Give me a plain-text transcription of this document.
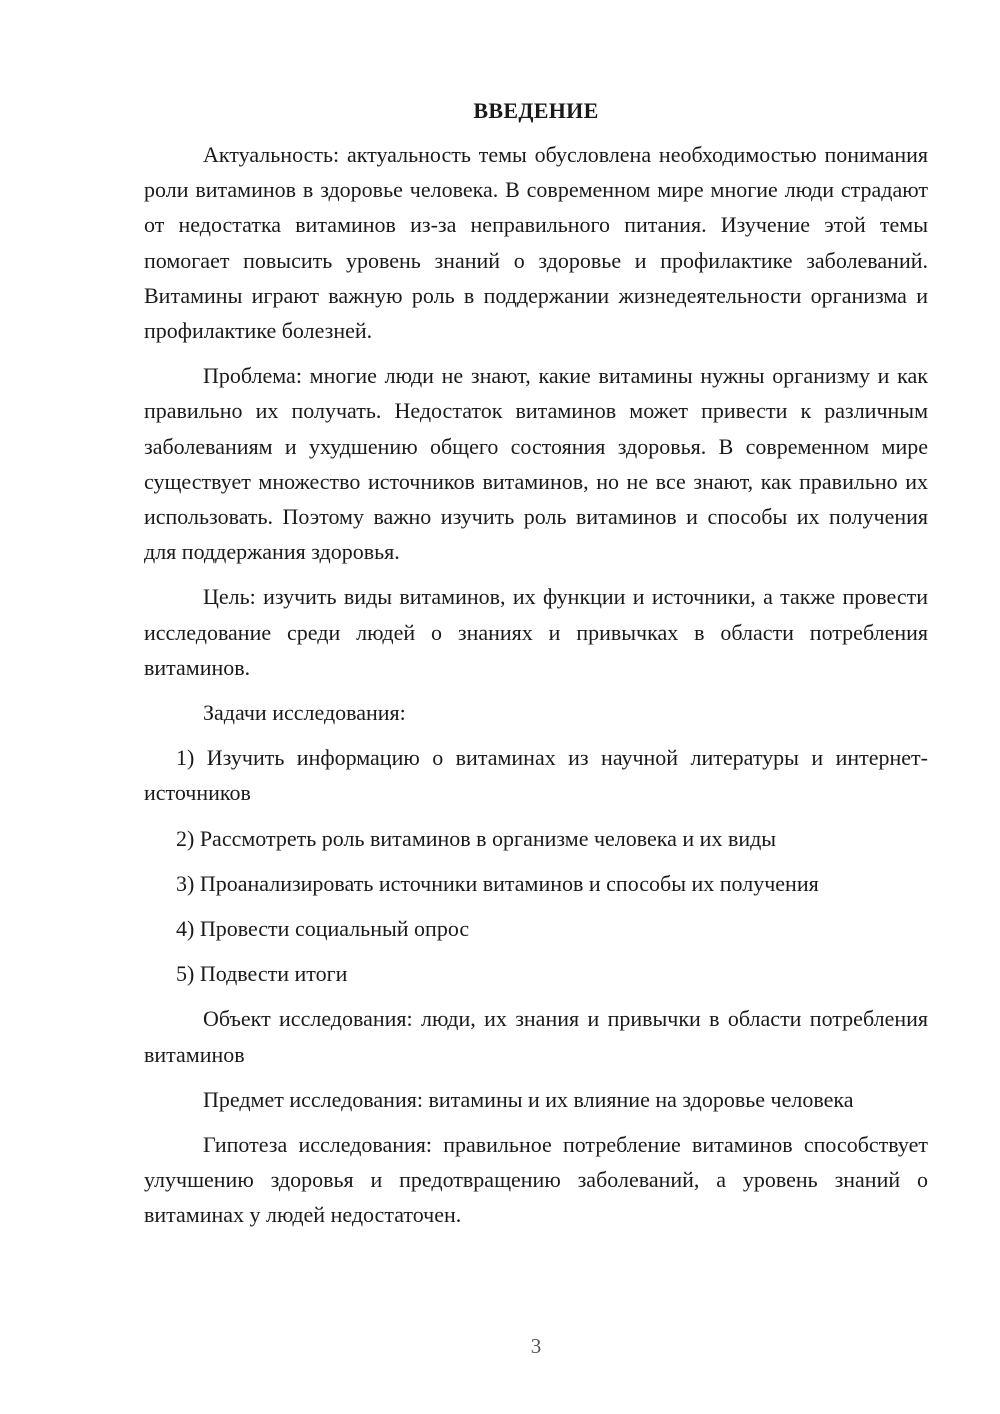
ВВЕДЕНИЕ

Актуальность: актуальность темы обусловлена необходимостью понимания роли витаминов в здоровье человека. В современном мире многие люди страдают от недостатка витаминов из-за неправильного питания. Изучение этой темы помогает повысить уровень знаний о здоровье и профилактике заболеваний. Витамины играют важную роль в поддержании жизнедеятельности организма и профилактике болезней.

Проблема: многие люди не знают, какие витамины нужны организму и как правильно их получать. Недостаток витаминов может привести к различным заболеваниям и ухудшению общего состояния здоровья. В современном мире существует множество источников витаминов, но не все знают, как правильно их использовать. Поэтому важно изучить роль витаминов и способы их получения для поддержания здоровья.

Цель: изучить виды витаминов, их функции и источники, а также провести исследование среди людей о знаниях и привычках в области потребления витаминов.

Задачи исследования:

1) Изучить информацию о витаминах из научной литературы и интернет-источников

2) Рассмотреть роль витаминов в организме человека и их виды

3) Проанализировать источники витаминов и способы их получения

4) Провести социальный опрос

5) Подвести итоги

Объект исследования: люди, их знания и привычки в области потребления витаминов

Предмет исследования: витамины и их влияние на здоровье человека

Гипотеза исследования: правильное потребление витаминов способствует улучшению здоровья и предотвращению заболеваний, а уровень знаний о витаминах у людей недостаточен.

3
